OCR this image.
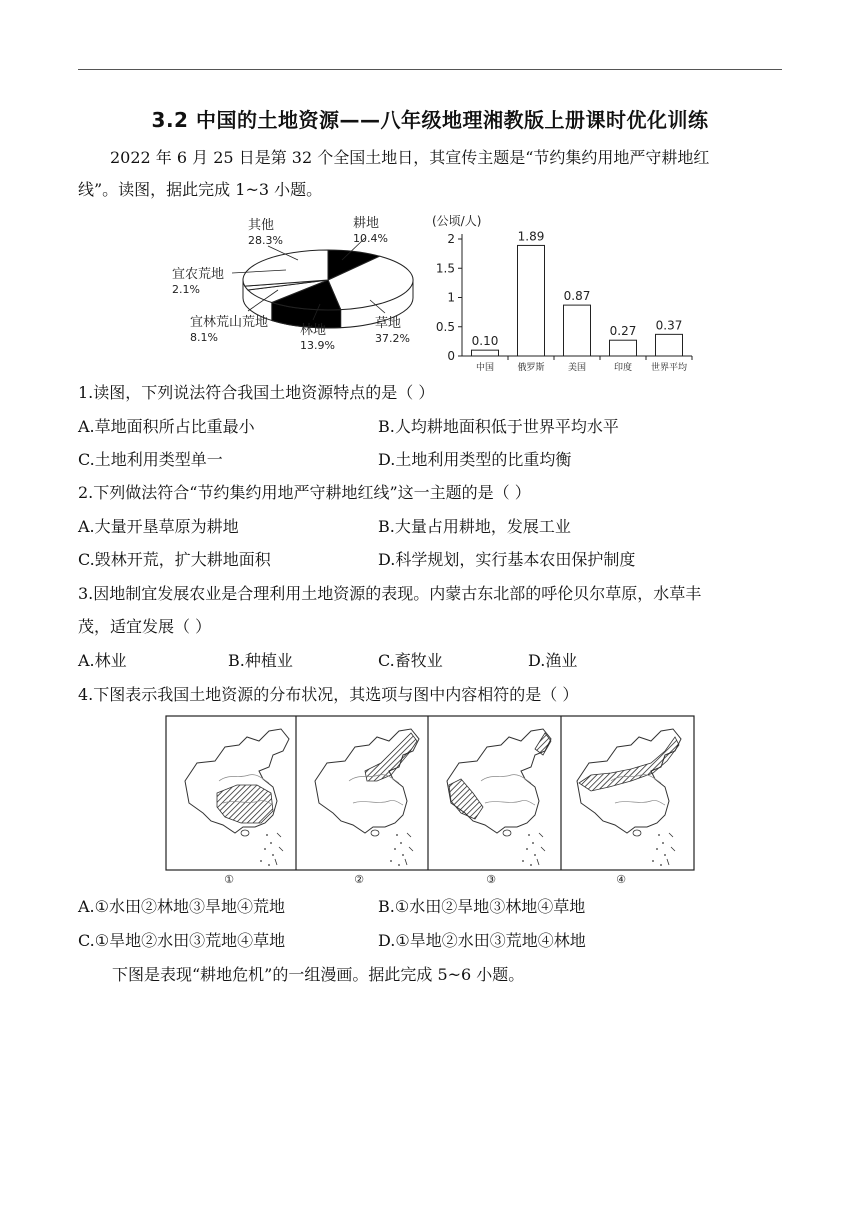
3.2 中国的土地资源——八年级地理湘教版上册课时优化训练
2022 年 6 月 25 日是第 32 个全国土地日，其宣传主题是“节约集约用地严守耕地红
线”。读图，据此完成 1~3 小题。
耕地
10.4%
草地
37.2%
林地
13.9%
宜林荒山荒地
8.1%
宜农荒地
2.1%
其他
28.3%
(公顷/人)
0
0.5
1
1.5
2
0.10
中国
1.89
俄罗斯
0.87
美国
0.27
印度
0.37
世界平均
1.读图，下列说法符合我国土地资源特点的是（ ）
A.草地面积所占比重最小	B.人均耕地面积低于世界平均水平
C.土地利用类型单一	D.土地利用类型的比重均衡
2.下列做法符合“节约集约用地严守耕地红线”这一主题的是（ ）
A.大量开垦草原为耕地	B.大量占用耕地，发展工业
C.毁林开荒，扩大耕地面积	D.科学规划，实行基本农田保护制度
3.因地制宜发展农业是合理利用土地资源的表现。内蒙古东北部的呼伦贝尔草原，水草丰
茂，适宜发展（ ）
A.林业	B.种植业	C.畜牧业	D.渔业
4.下图表示我国土地资源的分布状况，其选项与图中内容相符的是（ ）
①	②	③	④
A.①水田②林地③旱地④荒地	B.①水田②旱地③林地④草地
C.①旱地②水田③荒地④草地	D.①旱地②水田③荒地④林地
下图是表现“耕地危机”的一组漫画。据此完成 5~6 小题。
